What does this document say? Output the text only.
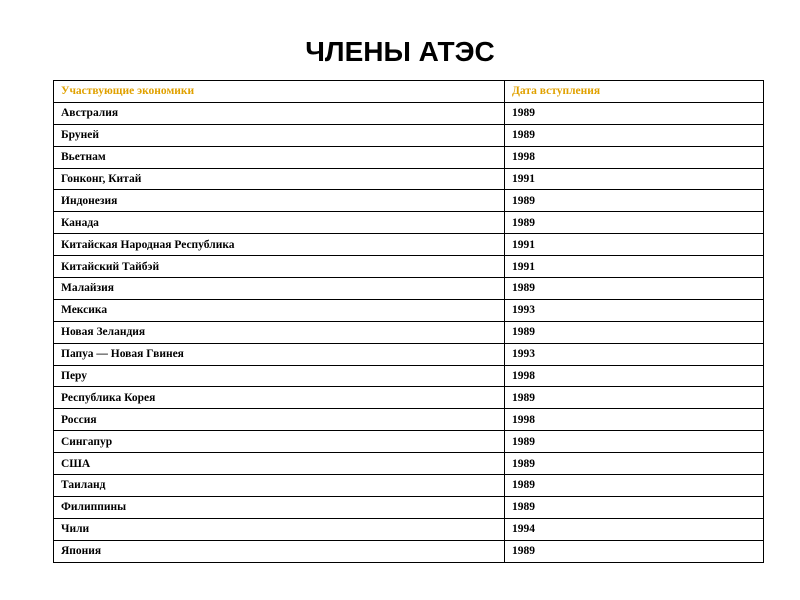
ЧЛЕНЫ АТЭС
Участвующие экономики	Дата вступления
Австралия	1989
Бруней	1989
Вьетнам	1998
Гонконг, Китай	1991
Индонезия	1989
Канада	1989
Китайская Народная Республика	1991
Китайский Тайбэй	1991
Малайзия	1989
Мексика	1993
Новая Зеландия	1989
Папуа — Новая Гвинея	1993
Перу	1998
Республика Корея	1989
Россия	1998
Сингапур	1989
США	1989
Таиланд	1989
Филиппины	1989
Чили	1994
Япония	1989
